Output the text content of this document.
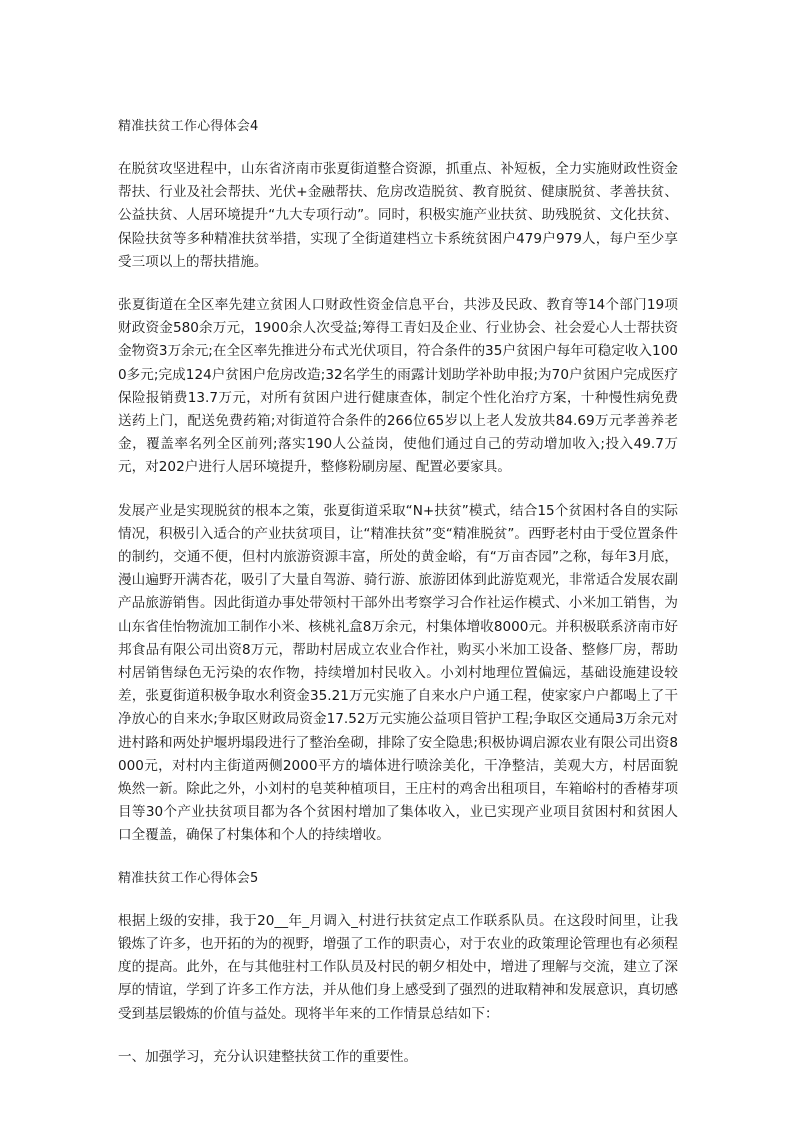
精准扶贫工作心得体会4

在脱贫攻坚进程中，山东省济南市张夏街道整合资源，抓重点、补短板，全力实施财政性资金帮扶、行业及社会帮扶、光伏+金融帮扶、危房改造脱贫、教育脱贫、健康脱贫、孝善扶贫、公益扶贫、人居环境提升“九大专项行动”。同时，积极实施产业扶贫、助残脱贫、文化扶贫、保险扶贫等多种精准扶贫举措，实现了全街道建档立卡系统贫困户479户979人，每户至少享受三项以上的帮扶措施。

张夏街道在全区率先建立贫困人口财政性资金信息平台，共涉及民政、教育等14个部门19项财政资金580余万元，1900余人次受益;筹得工青妇及企业、行业协会、社会爱心人士帮扶资金物资3万余元;在全区率先推进分布式光伏项目，符合条件的35户贫困户每年可稳定收入1000多元;完成124户贫困户危房改造;32名学生的雨露计划助学补助申报;为70户贫困户完成医疗保险报销费13.7万元，对所有贫困户进行健康查体，制定个性化治疗方案，十种慢性病免费送药上门，配送免费药箱;对街道符合条件的266位65岁以上老人发放共84.69万元孝善养老金，覆盖率名列全区前列;落实190人公益岗，使他们通过自己的劳动增加收入;投入49.7万元，对202户进行人居环境提升，整修粉刷房屋、配置必要家具。

发展产业是实现脱贫的根本之策，张夏街道采取“N+扶贫”模式，结合15个贫困村各自的实际情况，积极引入适合的产业扶贫项目，让“精准扶贫”变“精准脱贫”。西野老村由于受位置条件的制约，交通不便，但村内旅游资源丰富，所处的黄金峪，有“万亩杏园”之称，每年3月底，漫山遍野开满杏花，吸引了大量自驾游、骑行游、旅游团体到此游览观光，非常适合发展农副产品旅游销售。因此街道办事处带领村干部外出考察学习合作社运作模式、小米加工销售，为山东省佳怡物流加工制作小米、核桃礼盒8万余元，村集体增收8000元。并积极联系济南市好邦食品有限公司出资8万元，帮助村居成立农业合作社，购买小米加工设备、整修厂房，帮助村居销售绿色无污染的农作物，持续增加村民收入。小刘村地理位置偏远，基础设施建设较差，张夏街道积极争取水利资金35.21万元实施了自来水户户通工程，使家家户户都喝上了干净放心的自来水;争取区财政局资金17.52万元实施公益项目管护工程;争取区交通局3万余元对进村路和两处护堰坍塌段进行了整治垒砌，排除了安全隐患;积极协调启源农业有限公司出资8000元，对村内主街道两侧2000平方的墙体进行喷涂美化，干净整洁，美观大方，村居面貌焕然一新。除此之外，小刘村的皂荚种植项目，王庄村的鸡舍出租项目，车箱峪村的香椿芽项目等30个产业扶贫项目都为各个贫困村增加了集体收入，业已实现产业项目贫困村和贫困人口全覆盖，确保了村集体和个人的持续增收。

精准扶贫工作心得体会5

根据上级的安排，我于20__年_月调入_村进行扶贫定点工作联系队员。在这段时间里，让我锻炼了许多，也开拓的为的视野，增强了工作的职责心，对于农业的政策理论管理也有必须程度的提高。此外，在与其他驻村工作队员及村民的朝夕相处中，增进了理解与交流，建立了深厚的情谊，学到了许多工作方法，并从他们身上感受到了强烈的进取精神和发展意识，真切感受到基层锻炼的价值与益处。现将半年来的工作情景总结如下：

一、加强学习，充分认识建整扶贫工作的重要性。
